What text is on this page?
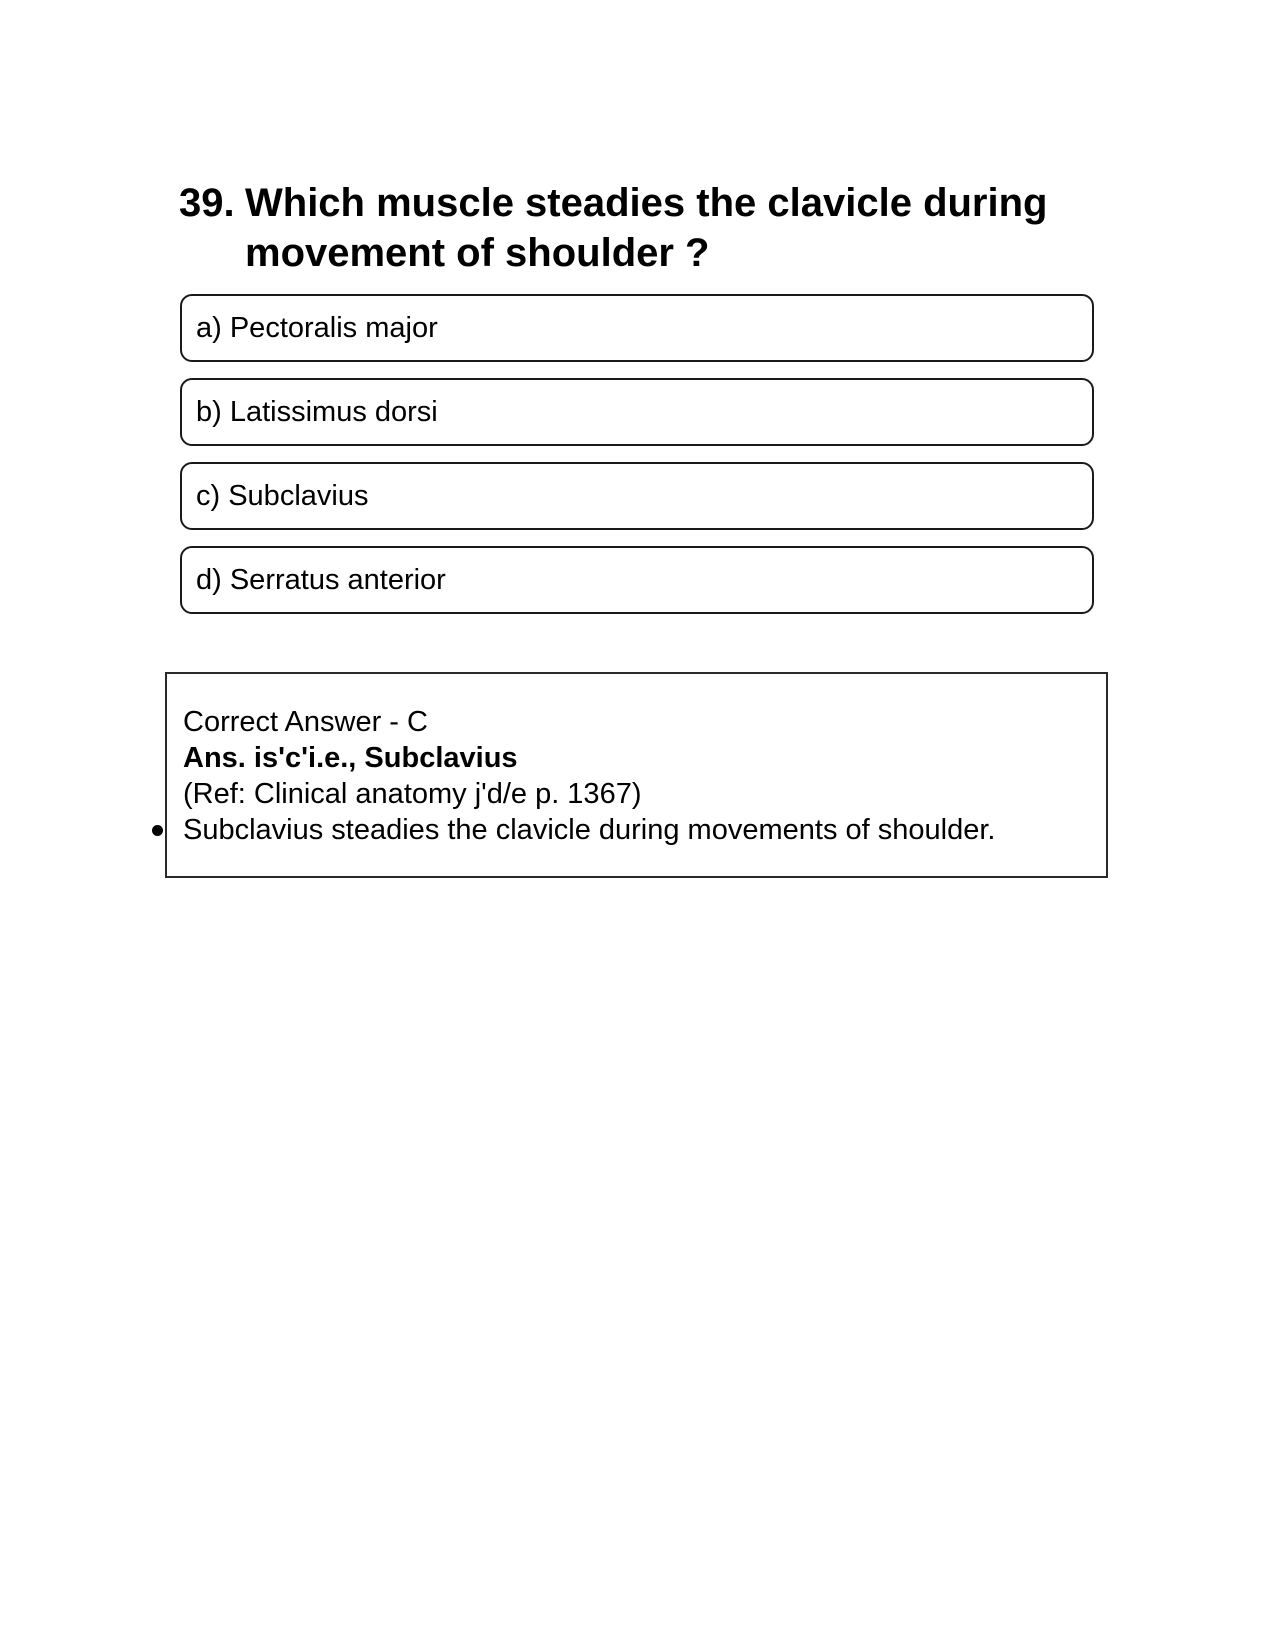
39. Which muscle steadies the clavicle during movement of shoulder ?
a) Pectoralis major
b) Latissimus dorsi
c) Subclavius
d) Serratus anterior
Correct Answer - C
Ans. is'c'i.e., Subclavius
(Ref: Clinical anatomy j'd/e p. 1367)
Subclavius steadies the clavicle during movements of shoulder.
